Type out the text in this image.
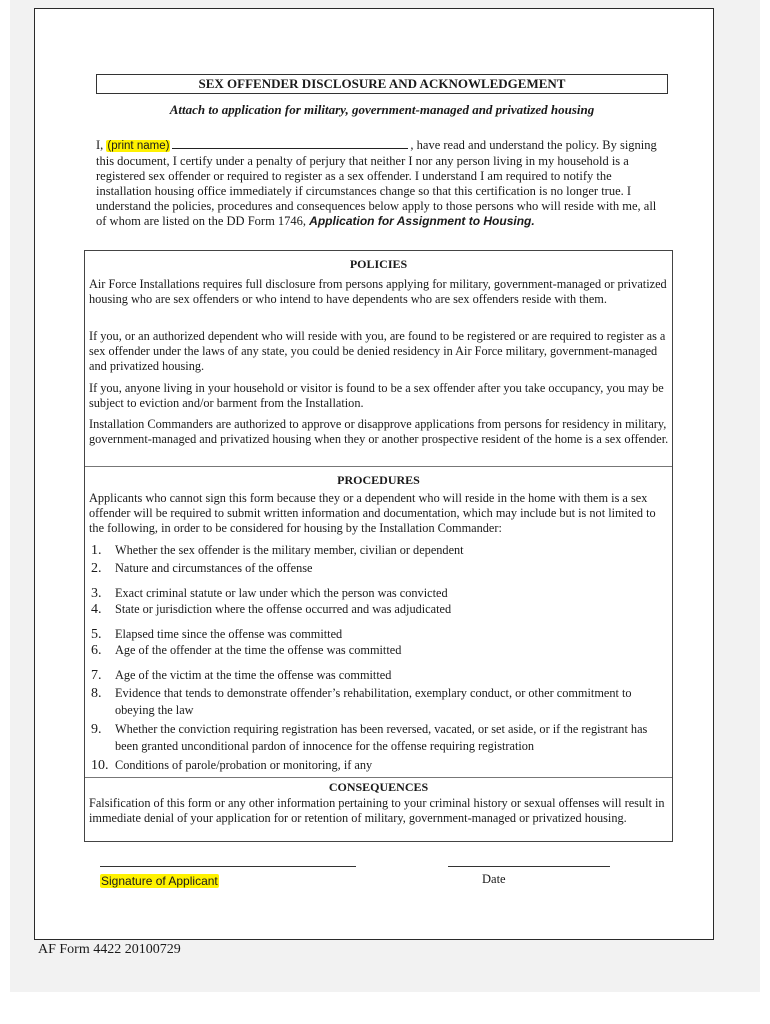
SEX OFFENDER DISCLOSURE AND ACKNOWLEDGEMENT
Attach to application for military, government-managed and privatized housing
I, (print name)	, have read and understand the policy. By signing this document, I certify under a penalty of perjury that neither I nor any person living in my household is a registered sex offender or required to register as a sex offender. I understand I am required to notify the installation housing office immediately if circumstances change so that this certification is no longer true. I understand the policies, procedures and consequences below apply to those persons who will reside with me, all of whom are listed on the DD Form 1746, Application for Assignment to Housing.
POLICIES
Air Force Installations requires full disclosure from persons applying for military, government-managed or privatized housing who are sex offenders or who intend to have dependents who are sex offenders reside with them.
If you, or an authorized dependent who will reside with you, are found to be registered or are required to register as a sex offender under the laws of any state, you could be denied residency in Air Force military, government-managed and privatized housing.
If you, anyone living in your household or visitor is found to be a sex offender after you take occupancy, you may be subject to eviction and/or barment from the Installation.
Installation Commanders are authorized to approve or disapprove applications from persons for residency in military, government-managed and privatized housing when they or another prospective resident of the home is a sex offender.
PROCEDURES
Applicants who cannot sign this form because they or a dependent who will reside in the home with them is a sex offender will be required to submit written information and documentation, which may include but is not limited to the following, in order to be considered for housing by the Installation Commander:
1. Whether the sex offender is the military member, civilian or dependent
2. Nature and circumstances of the offense
3. Exact criminal statute or law under which the person was convicted
4. State or jurisdiction where the offense occurred and was adjudicated
5. Elapsed time since the offense was committed
6. Age of the offender at the time the offense was committed
7. Age of the victim at the time the offense was committed
8. Evidence that tends to demonstrate offender’s rehabilitation, exemplary conduct, or other commitment to obeying the law
9. Whether the conviction requiring registration has been reversed, vacated, or set aside, or if the registrant has been granted unconditional pardon of innocence for the offense requiring registration
10. Conditions of parole/probation or monitoring, if any
CONSEQUENCES
Falsification of this form or any other information pertaining to your criminal history or sexual offenses will result in immediate denial of your application for or retention of military, government-managed or privatized housing.
Signature of Applicant	Date
AF Form 4422 20100729
